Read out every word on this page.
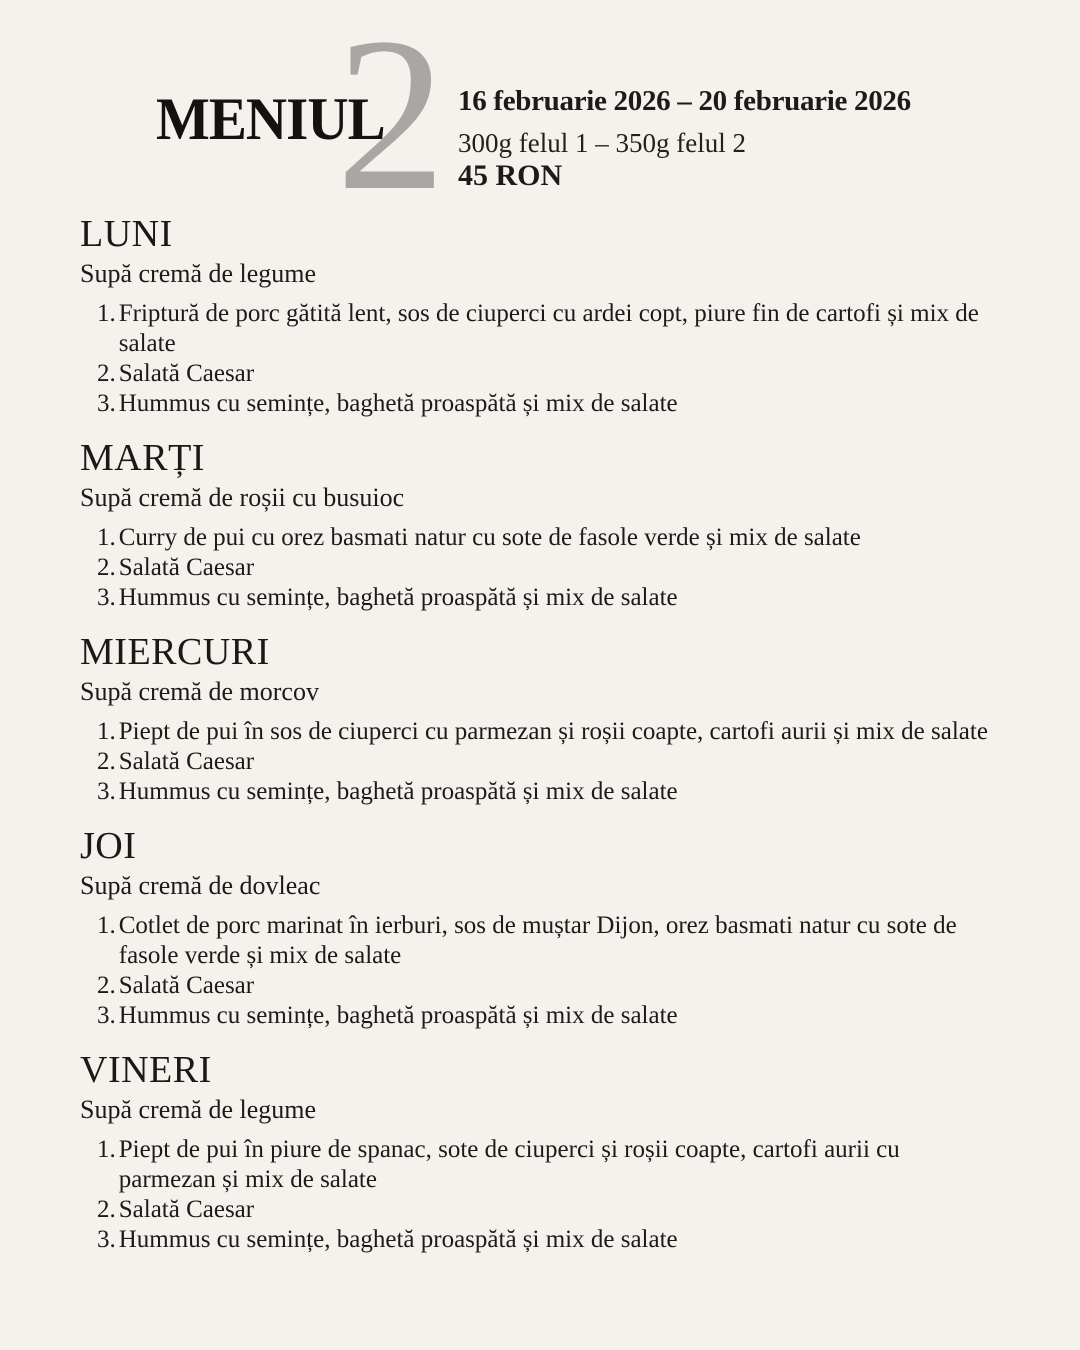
2
MENIUL	16 februarie 2026 – 20 februarie 2026
300g felul 1 – 350g felul 2
45 RON
LUNI

Supă cremă de legume

Friptură de porc gătită lent, sos de ciuperci cu ardei copt, piure fin de cartofi și mix de salate
Salată Caesar
Hummus cu semințe, baghetă proaspătă și mix de salate
MARȚI

Supă cremă de roșii cu busuioc

Curry de pui cu orez basmati natur cu sote de fasole verde și mix de salate
Salată Caesar
Hummus cu semințe, baghetă proaspătă și mix de salate
MIERCURI

Supă cremă de morcov

Piept de pui în sos de ciuperci cu parmezan și roșii coapte, cartofi aurii și mix de salate
Salată Caesar
Hummus cu semințe, baghetă proaspătă și mix de salate
JOI

Supă cremă de dovleac

Cotlet de porc marinat în ierburi, sos de muștar Dijon, orez basmati natur cu sote de fasole verde și mix de salate
Salată Caesar
Hummus cu semințe, baghetă proaspătă și mix de salate
VINERI

Supă cremă de legume

Piept de pui în piure de spanac, sote de ciuperci și roșii coapte, cartofi aurii cu parmezan și mix de salate
Salată Caesar
Hummus cu semințe, baghetă proaspătă și mix de salate
